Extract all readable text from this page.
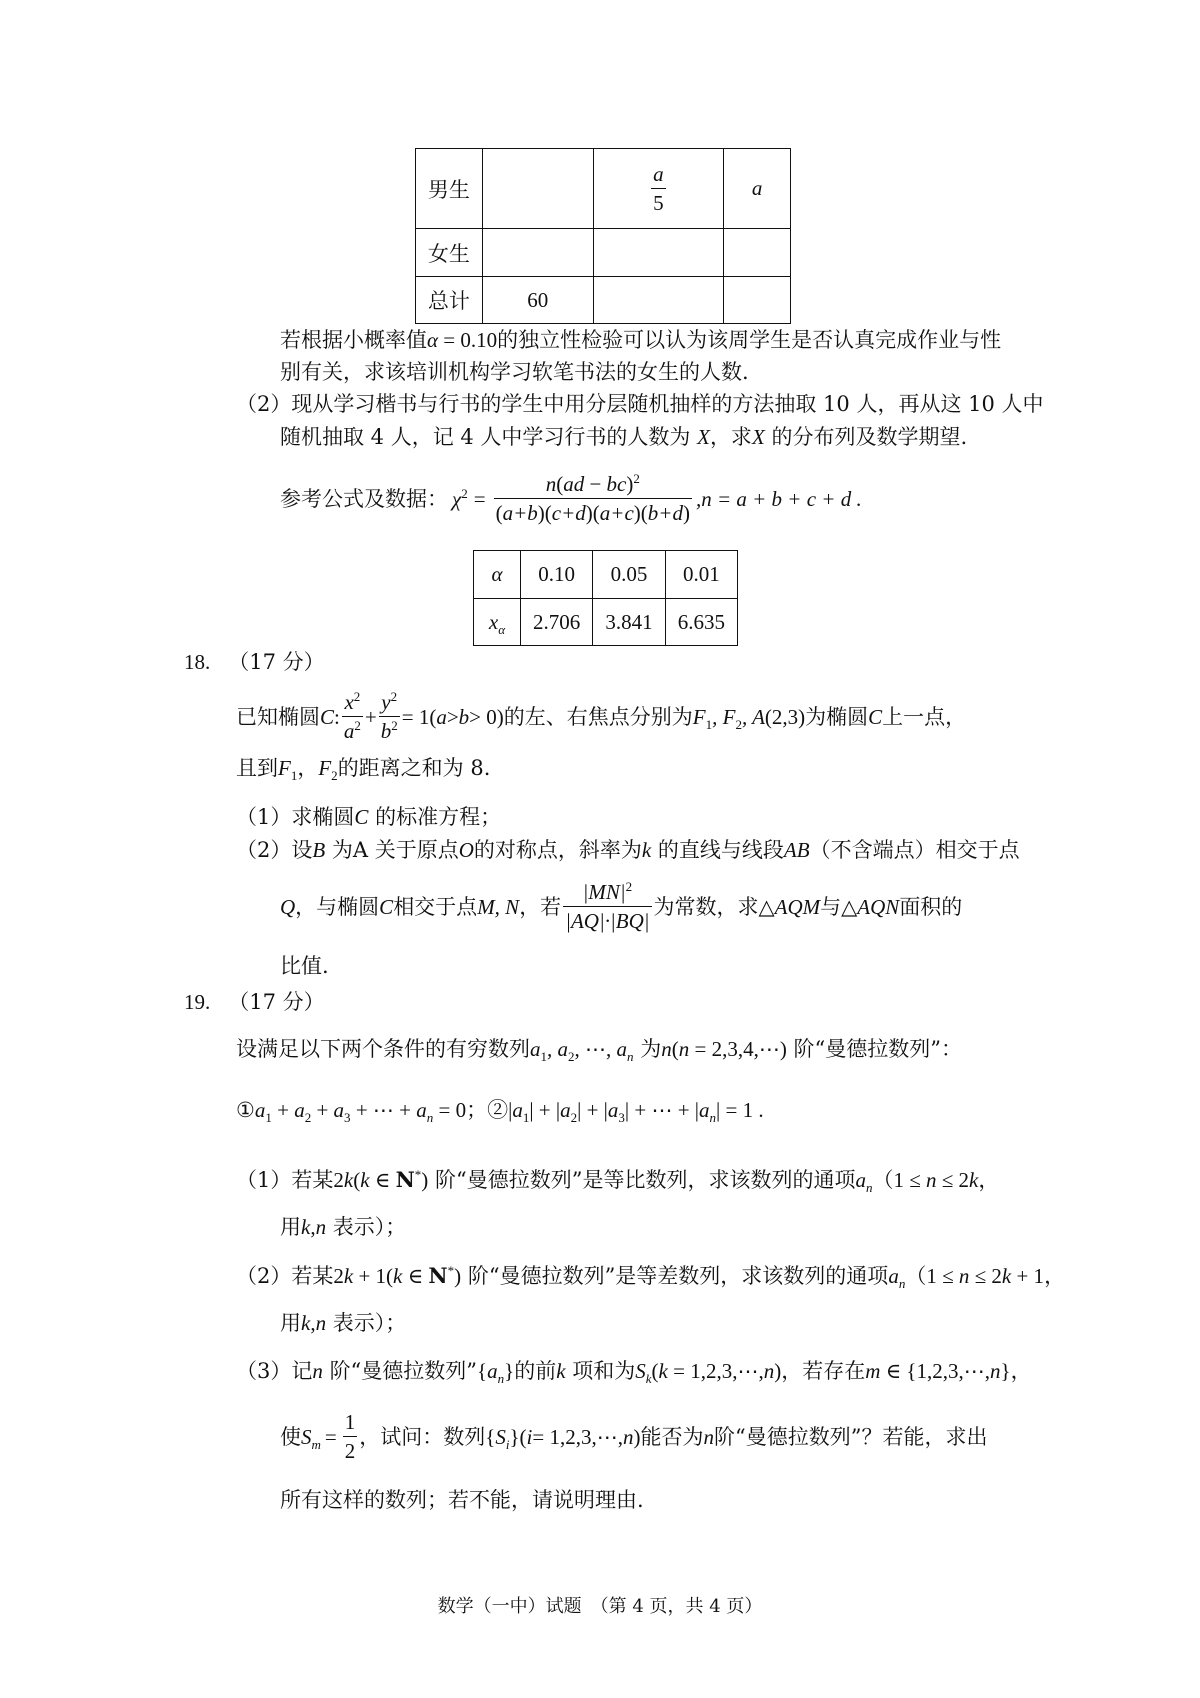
男生		$\frac{a}{5}$	a
女生			
总计	60		
若根据小概率值α = 0.10的独立性检验可以认为该周学生是否认真完成作业与性
别有关，求该培训机构学习软笔书法的女生的人数.
（2）现从学习楷书与行书的学生中用分层随机抽样的方法抽取 10 人，再从这 10 人中
随机抽取 4 人，记 4 人中学习行书的人数为 X，求X 的分布列及数学期望.
参考公式及数据： $\chi^2 = \frac{n(ad - bc)^2}{(a+b)(c+d)(a+c)(b+d)}$ , n = a + b + c + d .
α	0.10	0.05	0.01
$x_\alpha$	2.706	3.841	6.635
18. （17 分）
已知椭圆 C : $\frac{x^2}{a^2} + \frac{y^2}{b^2} = 1$( a > b > 0) 的左、右焦点分别为 $F_1$, $F_2$, A (2,3) 为椭圆 C 上一点，
且到$F_1$，$F_2$的距离之和为 8.
（1）求椭圆C 的标准方程；
（2）设B 为A 关于原点O的对称点，斜率为k 的直线与线段AB（不含端点）相交于点
Q ，与椭圆 C 相交于点 M, N ，若 $\frac{|MN|^2}{|AQ|\cdot|BQ|}$ 为常数，求 △AQM 与 △AQN 面积的
比值.
19. （17 分）
设满足以下两个条件的有穷数列$a_1$, $a_2$, ⋯, $a_n$ 为n(n = 2,3,4,⋯) 阶“曼德拉数列”：
$①a_1 + a_2 + a_3$ + ⋯ + $a_n = 0$；$②|a_1| + |a_2| + |a_3|$ + ⋯ + $|a_n| = 1$ .
（1）若某2k(k ∈ N*) 阶“曼德拉数列”是等比数列，求该数列的通项$a_n(1 \le n \le 2k$，
用k,n 表示）；
（2）若某2k + 1(k ∈ N*) 阶“曼德拉数列”是等差数列，求该数列的通项$a_n(1 \le n \le 2k + 1$，
用k,n 表示）；
（3）记n 阶“曼德拉数列$”\{a_n\}$的前k 项和为$S_k(k$ = 1,2,3,⋯,n)，若存在m ∈ {1,2,3,⋯,n}，
使 $S_m = \frac{1}{2}$ ，试问：数列 { $S_i$ }( i = 1,2,3,⋯, n ) 能否为 n 阶“曼德拉数列”？若能，求出
所有这样的数列；若不能，请说明理由.
数学（一中）试题　（第 4 页，共 4 页）
